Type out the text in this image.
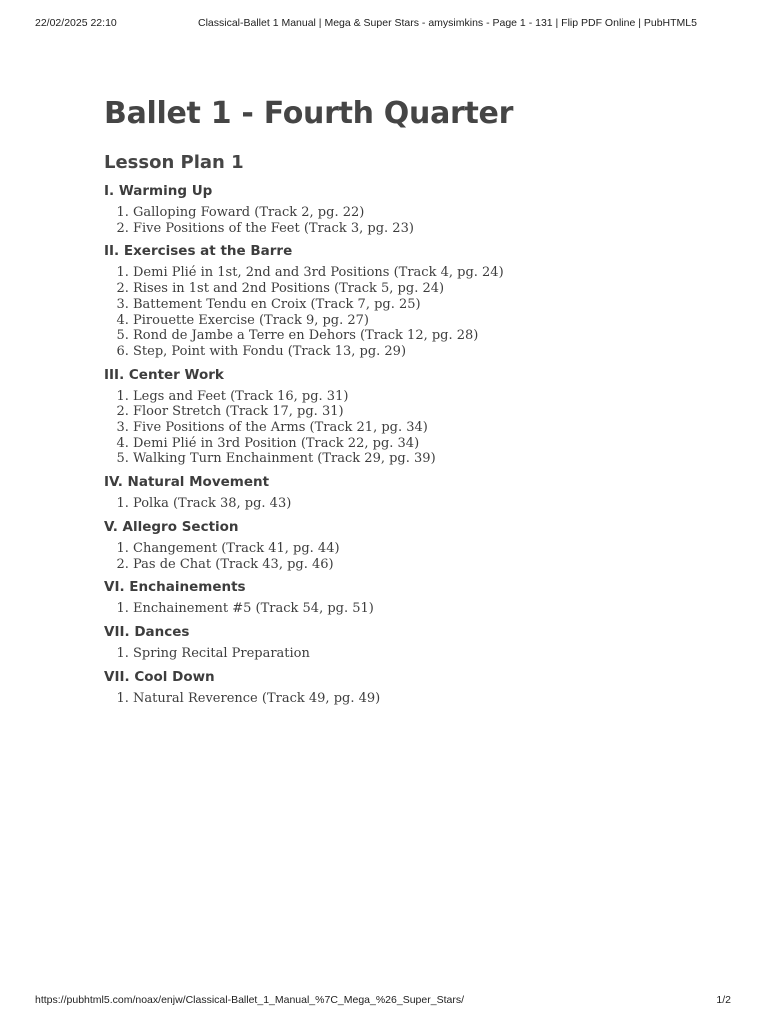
22/02/2025 22:10	Classical-Ballet 1 Manual | Mega & Super Stars - amysimkins - Page 1 - 131 | Flip PDF Online | PubHTML5
Ballet 1 - Fourth Quarter
Lesson Plan 1
I. Warming Up
1. Galloping Foward (Track 2, pg. 22)
2. Five Positions of the Feet (Track 3, pg. 23)
II. Exercises at the Barre
1. Demi Plié in 1st, 2nd and 3rd Positions (Track 4, pg. 24)
2. Rises in 1st and 2nd Positions (Track 5, pg. 24)
3. Battement Tendu en Croix (Track 7, pg. 25)
4. Pirouette Exercise (Track 9, pg. 27)
5. Rond de Jambe a Terre en Dehors (Track 12, pg. 28)
6. Step, Point with Fondu (Track 13, pg. 29)
III. Center Work
1. Legs and Feet (Track 16, pg. 31)
2. Floor Stretch (Track 17, pg. 31)
3. Five Positions of the Arms (Track 21, pg. 34)
4. Demi Plié in 3rd Position (Track 22, pg. 34)
5. Walking Turn Enchainment (Track 29, pg. 39)
IV. Natural Movement
1. Polka (Track 38, pg. 43)
V. Allegro Section
1. Changement (Track 41, pg. 44)
2. Pas de Chat (Track 43, pg. 46)
VI. Enchainements
1. Enchainement #5 (Track 54, pg. 51)
VII. Dances
1. Spring Recital Preparation
VII. Cool Down
1. Natural Reverence (Track 49, pg. 49)
https://pubhtml5.com/noax/enjw/Classical-Ballet_1_Manual_%7C_Mega_%26_Super_Stars/	1/2
